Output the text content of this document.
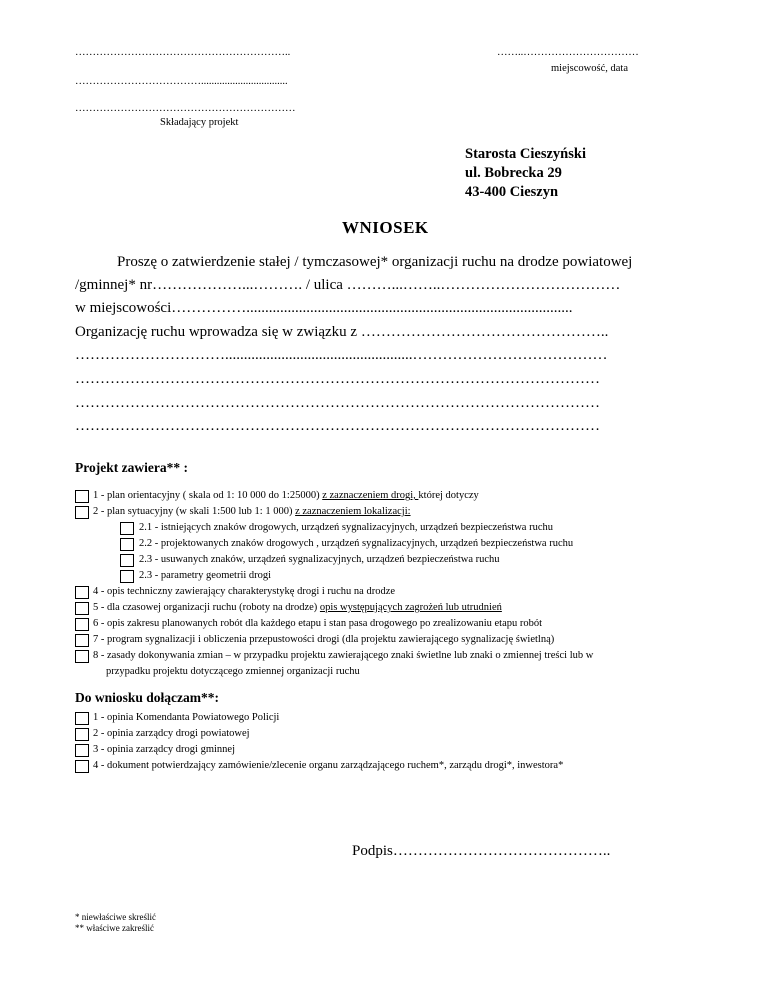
……………………………………………………..	……..……………………………
miejscowość, data
……………………………….................................
………………………………………………………
Składający projekt
Starosta Cieszyński
ul. Bobrecka 29
43-400 Cieszyn
WNIOSEK
Proszę o zatwierdzenie stałej / tymczasowej* organizacji ruchu na drodze powiatowej
/gminnej* nr………………...………. / ulica ………...……..………………………………
w miejscowości…………….......................................................................................
Organizację ruchu wprowadza się w związku z …………………………………………..
…………………………..................................................…………………………………
……………………………………………………………………………………………
……………………………………………………………………………………………
……………………………………………………………………………………………
Projekt zawiera** :
1 - plan orientacyjny ( skala od 1: 10 000 do 1:25000) z zaznaczeniem drogi, której dotyczy
2 - plan sytuacyjny (w skali 1:500 lub 1: 1 000) z zaznaczeniem lokalizacji:
2.1 - istniejących znaków drogowych, urządzeń sygnalizacyjnych, urządzeń bezpieczeństwa ruchu
2.2 - projektowanych znaków drogowych , urządzeń sygnalizacyjnych, urządzeń bezpieczeństwa ruchu
2.3 - usuwanych znaków, urządzeń sygnalizacyjnych, urządzeń bezpieczeństwa ruchu
2.3 - parametry geometrii drogi
4 - opis techniczny zawierający charakterystykę drogi i ruchu na drodze
5 - dla czasowej organizacji ruchu (roboty na drodze) opis występujących zagrożeń lub utrudnień
6 - opis zakresu planowanych robót dla każdego etapu i stan pasa drogowego po zrealizowaniu etapu robót
7 - program sygnalizacji i obliczenia przepustowości drogi (dla projektu zawierającego sygnalizację świetlną)
8 - zasady dokonywania zmian – w przypadku projektu zawierającego znaki świetlne lub znaki o zmiennej treści lub w
przypadku projektu dotyczącego zmiennej organizacji ruchu
Do wniosku dołączam**:
1 - opinia Komendanta Powiatowego Policji
2 - opinia zarządcy drogi powiatowej
3 - opinia zarządcy drogi gminnej
4 - dokument potwierdzający zamówienie/zlecenie organu zarządzającego ruchem*, zarządu drogi*, inwestora*
Podpis……………………………………..
* niewłaściwe skreślić
** właściwe zakreślić
